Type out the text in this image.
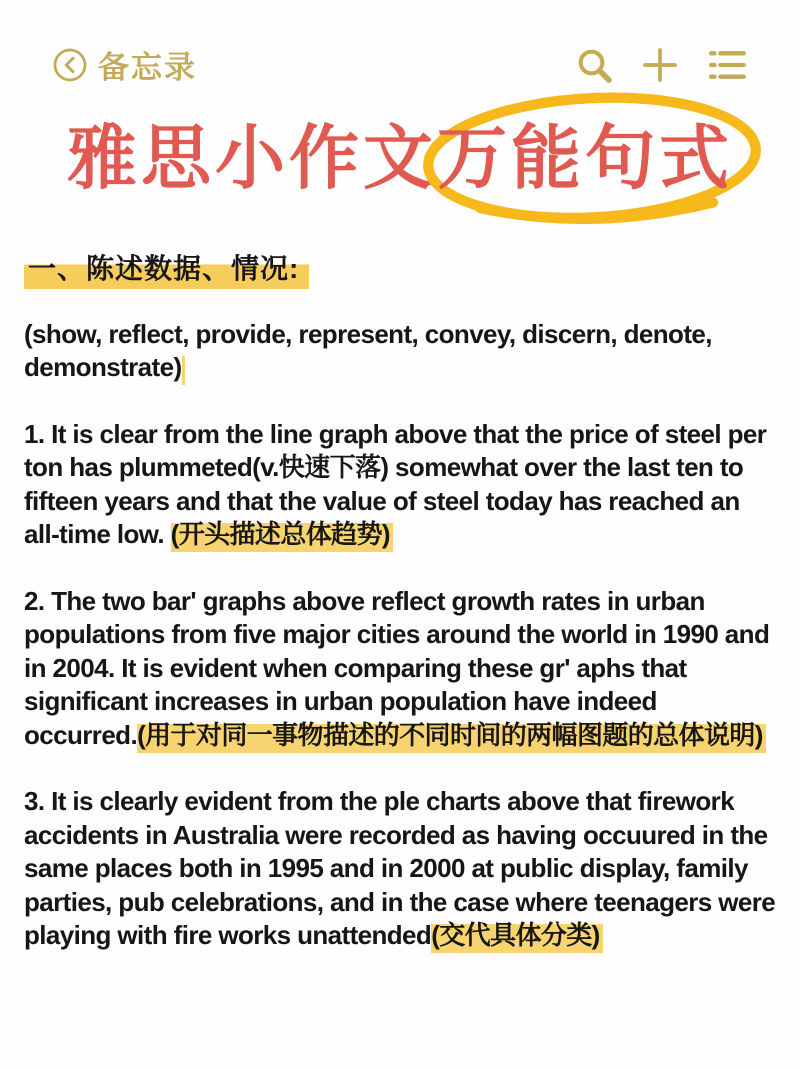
备忘录
雅思小作文
万能句式
一、陈述数据、情况:

(show, reflect, provide, represent, convey, discern, denote, demonstrate)

1. It is clear from the line graph above that the price of steel per ton has plummeted(v.快速下落) somewhat over the last ten to fifteen years and that the value of steel today has reached an all-time low. (开头描述总体趋势)

2. The two bar' graphs above reflect growth rates in urban populations from five major cities around the world in 1990 and in 2004. It is evident when comparing these gr' aphs that significant increases in urban population have indeed occurred.(用于对同一事物描述的不同时间的两幅图题的总体说明)

3. It is clearly evident from the ple charts above that firework accidents in Australia were recorded as having occuured in the same places both in 1995 and in 2000 at public display, family parties, pub celebrations, and in the case where teenagers were playing with fire works unattended(交代具体分类)
